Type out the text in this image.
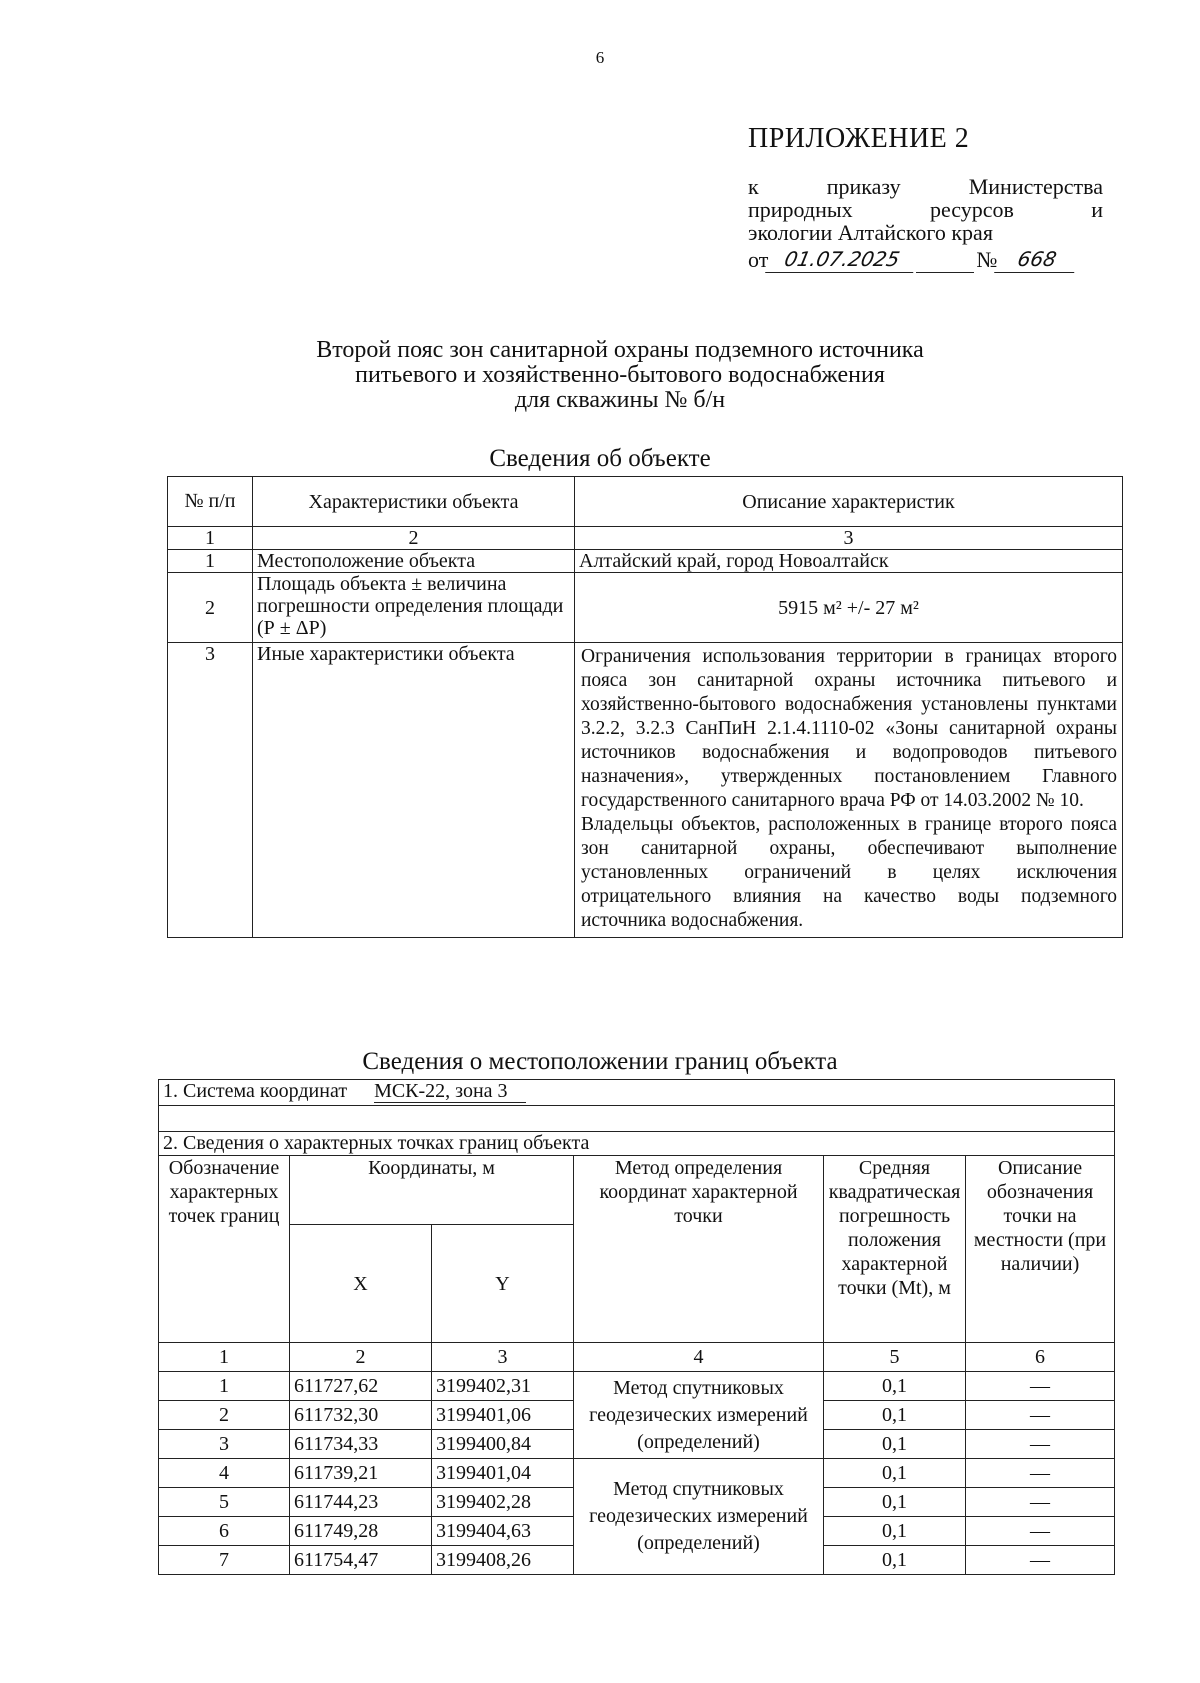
6
ПРИЛОЖЕНИЕ 2
к приказу Министерства
природных ресурсов и
экологии Алтайского края
от 01.07.2025	№ 668
Второй пояс зон санитарной охраны подземного источника
питьевого и хозяйственно-бытового водоснабжения
для скважины № б/н
Сведения об объекте
№ п/п	Характеристики объекта	Описание характеристик
1	2	3
1	Местоположение объекта	Алтайский край, город Новоалтайск
2	Площадь объекта ± величина погрешности определения площади (Р ± ΔР)	5915 м² +/- 27 м²
3	Иные характеристики объекта	Ограничения использования территории в границах второго пояса зон санитарной охраны источника питьевого и хозяйственно-бытового водоснабжения установлены пунктами 3.2.2, 3.2.3 СанПиН 2.1.4.1110-02 «Зоны санитарной охраны источников водоснабжения и водопроводов питьевого назначения», утвержденных постановлением Главного государственного санитарного врача РФ от 14.03.2002 № 10.

Владельцы объектов, расположенных в границе второго пояса зон санитарной охраны, обеспечивают выполнение установленных ограничений в целях исключения отрицательного влияния на качество воды подземного источника водоснабжения.

Сведения о местоположении границ объекта
1. Система координат МСК-22, зона 3					

2. Сведения о характерных точках границ объекта					
Обозначение характерных точек границ	Координаты, м		Метод определения координат характерной точки	Средняя квадратическая погрешность положения характерной точки (Mt), м	Описание обозначения точки на местности (при наличии)
	X	Y			
1	2	3	4	5	6
1	611727,62	3199402,31	Метод спутниковых геодезических измерений (определений)	0,1	—
2	611732,30	3199401,06		0,1	—
3	611734,33	3199400,84		0,1	—
4	611739,21	3199401,04	Метод спутниковых геодезических измерений (определений)	0,1	—
5	611744,23	3199402,28		0,1	—
6	611749,28	3199404,63		0,1	—
7	611754,47	3199408,26		0,1	—
